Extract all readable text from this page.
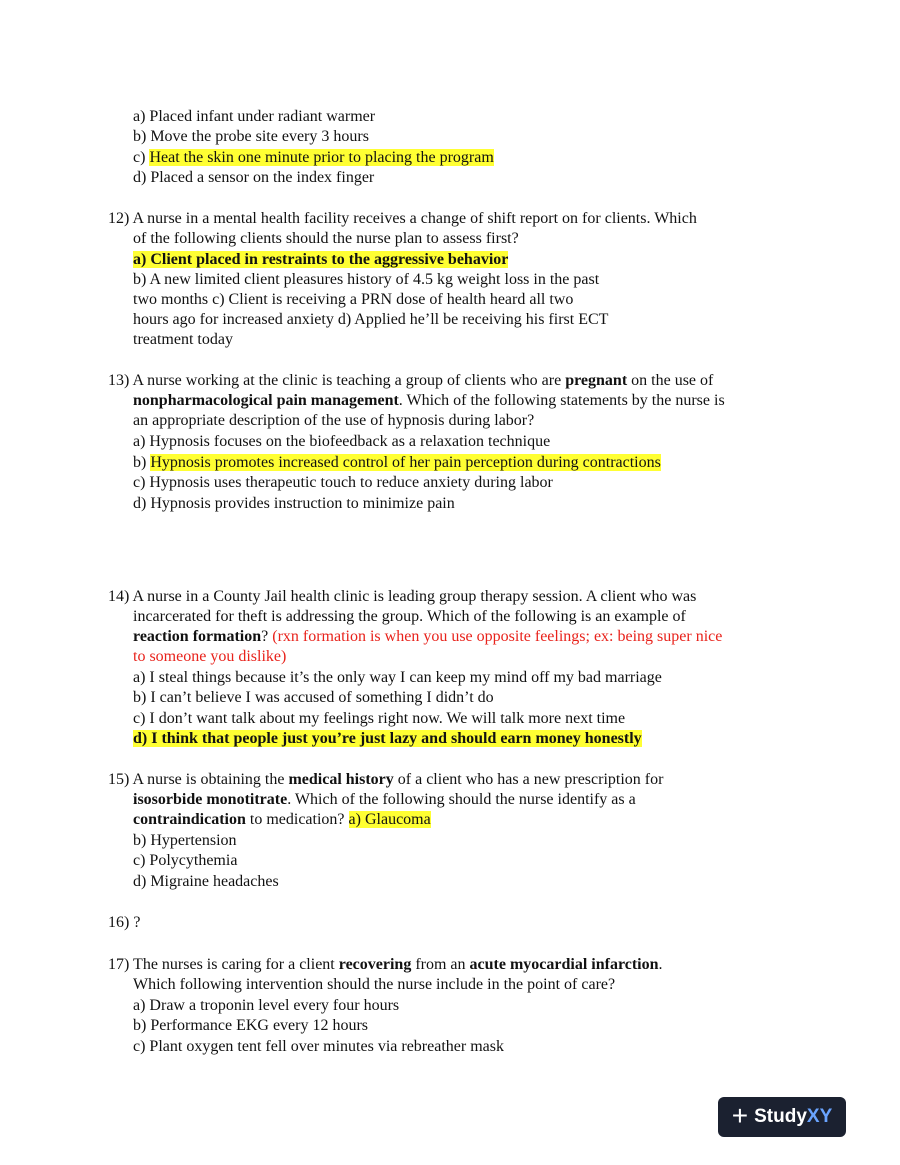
a) Placed infant under radiant warmer
b) Move the probe site every 3 hours
c) Heat the skin one minute prior to placing the program
d) Placed a sensor on the index finger
12) A nurse in a mental health facility receives a change of shift report on for clients. Which
of the following clients should the nurse plan to assess first?
a) Client placed in restraints to the aggressive behavior
b) A new limited client pleasures history of 4.5 kg weight loss in the past
two months c) Client is receiving a PRN dose of health heard all two
hours ago for increased anxiety d) Applied he’ll be receiving his first ECT
treatment today
13) A nurse working at the clinic is teaching a group of clients who are pregnant on the use of
nonpharmacological pain management. Which of the following statements by the nurse is
an appropriate description of the use of hypnosis during labor?
a) Hypnosis focuses on the biofeedback as a relaxation technique
b) Hypnosis promotes increased control of her pain perception during contractions
c) Hypnosis uses therapeutic touch to reduce anxiety during labor
d) Hypnosis provides instruction to minimize pain
14) A nurse in a County Jail health clinic is leading group therapy session. A client who was
incarcerated for theft is addressing the group. Which of the following is an example of
reaction formation? (rxn formation is when you use opposite feelings; ex: being super nice
to someone you dislike)
a) I steal things because it’s the only way I can keep my mind off my bad marriage
b) I can’t believe I was accused of something I didn’t do
c) I don’t want talk about my feelings right now. We will talk more next time
d) I think that people just you’re just lazy and should earn money honestly
15) A nurse is obtaining the medical history of a client who has a new prescription for
isosorbide monotitrate. Which of the following should the nurse identify as a
contraindication to medication? a) Glaucoma
b) Hypertension
c) Polycythemia
d) Migraine headaches
16) ?
17) The nurses is caring for a client recovering from an acute myocardial infarction.
Which following intervention should the nurse include in the point of care?
a) Draw a troponin level every four hours
b) Performance EKG every 12 hours
c) Plant oxygen tent fell over minutes via rebreather mask
+ StudyXY
